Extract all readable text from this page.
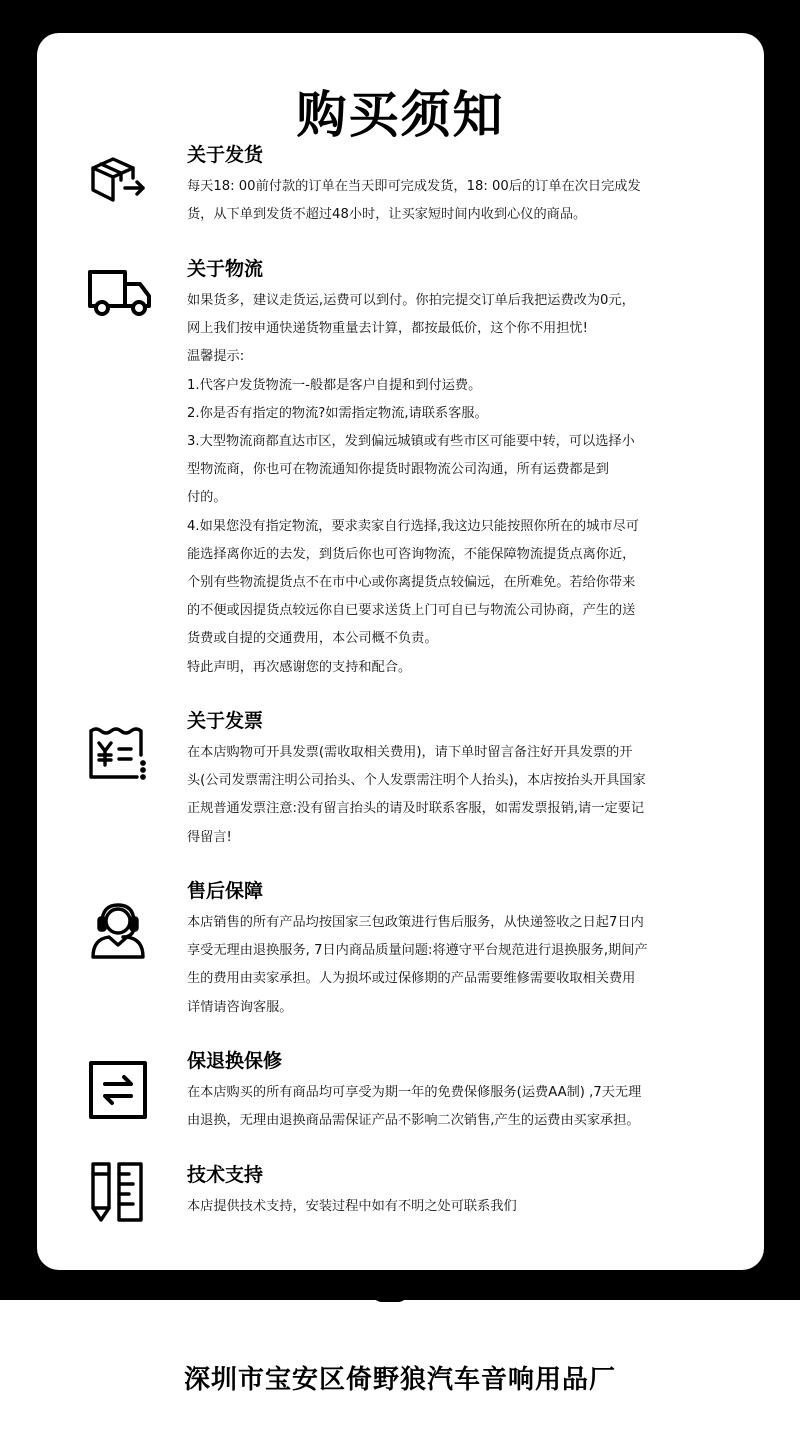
购买须知
关于发货
每天18: 00前付款的订单在当天即可完成发货，18: 00后的订单在次日完成发
货，从下单到发货不超过48小时，让买家短时间内收到心仪的商品。
关于物流
如果货多，建议走货运,运费可以到付。你拍完提交订单后我把运费改为0元，
网上我们按申通快递货物重量去计算，都按最低价，这个你不用担忧!
温馨提示:
1.代客户发货物流一-般都是客户自提和到付运费。
2.你是否有指定的物流?如需指定物流,请联系客服。
3.大型物流商都直达市区，发到偏远城镇或有些市区可能要中转，可以选择小
型物流商，你也可在物流通知你提货时跟物流公司沟通，所有运费都是到
付的。
4.如果您没有指定物流，要求卖家自行选择,我这边只能按照你所在的城市尽可
能选择离你近的去发，到货后你也可咨询物流，不能保障物流提货点离你近，
个别有些物流提货点不在市中心或你离提货点较偏远，在所难免。若给你带来
的不便或因提货点较远你自已要求送货上门可自已与物流公司协商，产生的送
货费或自提的交通费用，本公司概不负责。
特此声明，再次感谢您的支持和配合。
关于发票
在本店购物可开具发票(需收取相关费用)，请下单时留言备注好开具发票的开
头(公司发票需注明公司抬头、个人发票需注明个人抬头)，本店按抬头开具国家
正规普通发票注意:没有留言抬头的请及时联系客服，如需发票报销,请一定要记
得留言!
售后保障
本店销售的所有产品均按国家三包政策进行售后服务，从快递签收之日起7日内
享受无理由退换服务, 7日内商品质量问题:将遵守平台规范进行退换服务,期间产
生的费用由卖家承担。人为损坏或过保修期的产品需要维修需要收取相关费用
详情请咨询客服。
保退换保修
在本店购买的所有商品均可享受为期一年的免费保修服务(运费AA制) ,7天无理
由退换，无理由退换商品需保证产品不影响二次销售,产生的运费由买家承担。
技术支持
本店提供技术支持，安装过程中如有不明之处可联系我们
深圳市宝安区倚野狼汽车音响用品厂
